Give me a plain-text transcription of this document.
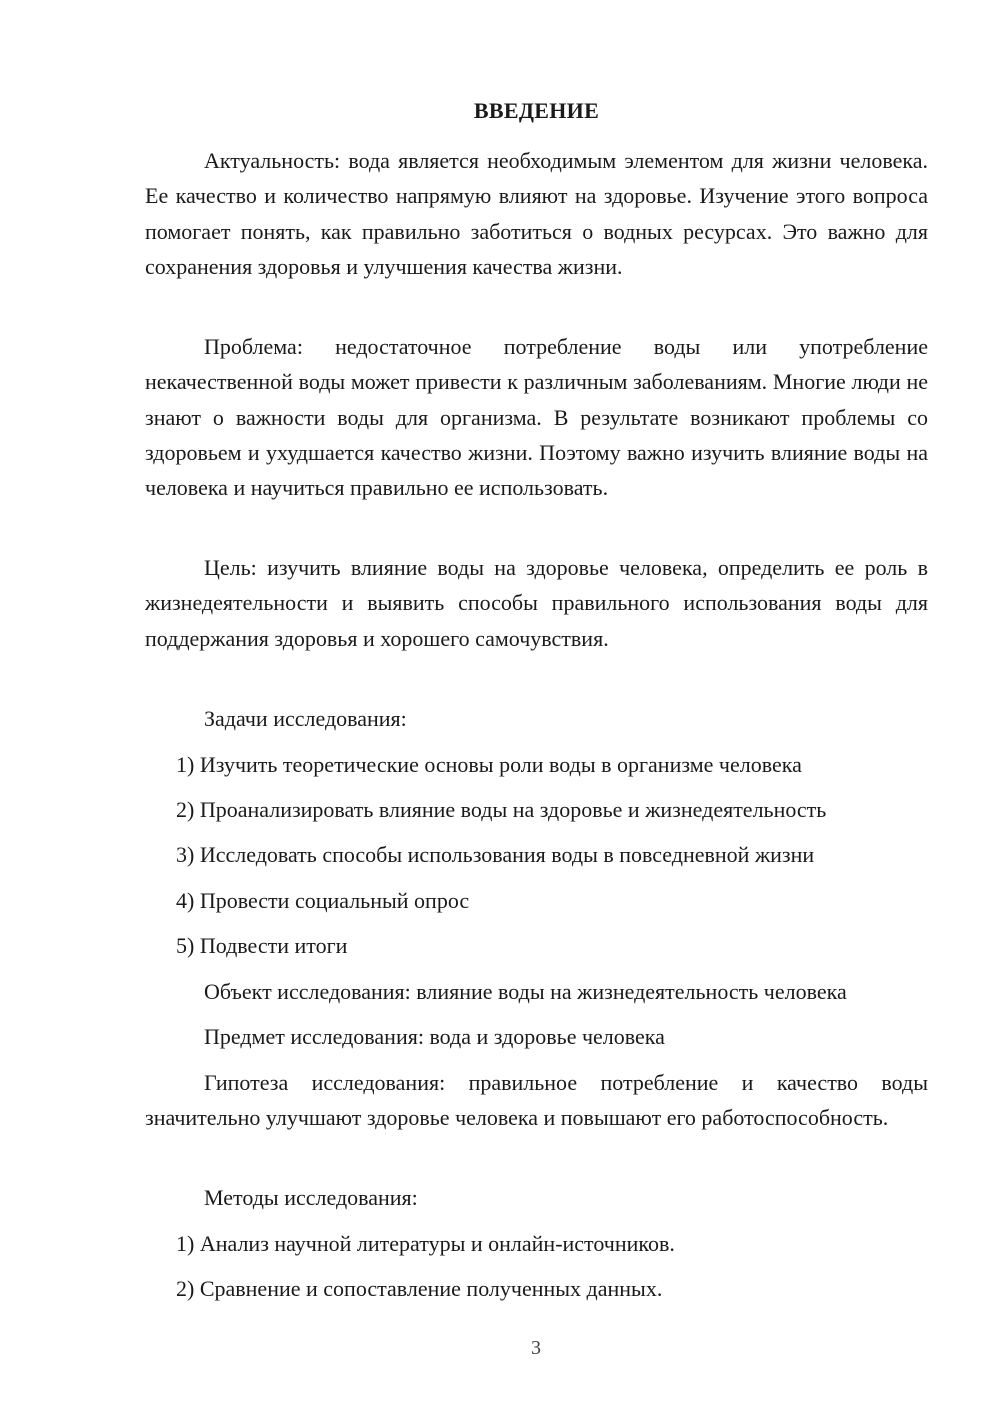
ВВЕДЕНИЕ

Актуальность: вода является необходимым элементом для жизни человека. Ее качество и количество напрямую влияют на здоровье. Изучение этого вопроса помогает понять, как правильно заботиться о водных ресурсах. Это важно для сохранения здоровья и улучшения качества жизни.

Проблема: недостаточное потребление воды или употребление некачественной воды может привести к различным заболеваниям. Многие люди не знают о важности воды для организма. В результате возникают проблемы со здоровьем и ухудшается качество жизни. Поэтому важно изучить влияние воды на человека и научиться правильно ее использовать.

Цель: изучить влияние воды на здоровье человека, определить ее роль в жизнедеятельности и выявить способы правильного использования воды для поддержания здоровья и хорошего самочувствия.

Задачи исследования:
1) Изучить теоретические основы роли воды в организме человека
2) Проанализировать влияние воды на здоровье и жизнедеятельность
3) Исследовать способы использования воды в повседневной жизни
4) Провести социальный опрос
5) Подвести итоги
Объект исследования: влияние воды на жизнедеятельность человека
Предмет исследования: вода и здоровье человека

Гипотеза исследования: правильное потребление и качество воды значительно улучшают здоровье человека и повышают его работоспособность.

Методы исследования:
1) Анализ научной литературы и онлайн-источников.
2) Сравнение и сопоставление полученных данных.
3
